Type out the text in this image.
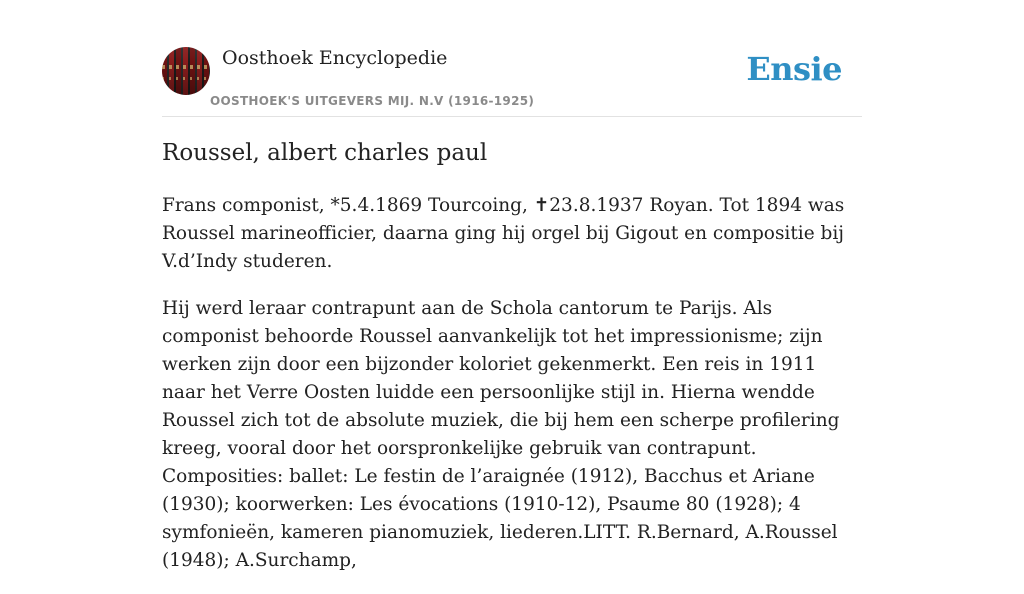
Oosthoek Encyclopedie
OOSTHOEK'S UITGEVERS MIJ. N.V (1916-1925)
Ensie
Roussel, albert charles paul

Frans componist, *5.4.1869 Tourcoing, ✝23.8.1937 Royan. Tot 1894 was Roussel marineofficier, daarna ging hij orgel bij Gigout en compositie bij V.d’Indy studeren.

Hij werd leraar contrapunt aan de Schola cantorum te Parijs. Als componist behoorde Roussel aanvankelijk tot het impressionisme; zijn werken zijn door een bijzonder koloriet gekenmerkt. Een reis in 1911 naar het Verre Oosten luidde een persoonlijke stijl in. Hierna wendde Roussel zich tot de absolute muziek, die bij hem een scherpe profilering kreeg, vooral door het oorspronkelijke gebruik van contrapunt. Composities: ballet: Le festin de l’araignée (1912), Bacchus et Ariane (1930); koorwerken: Les évocations (1910-12), Psaume 80 (1928); 4 symfonieën, kameren pianomuziek, liederen.LITT. R.Bernard, A.Roussel (1948); A.Surchamp,
